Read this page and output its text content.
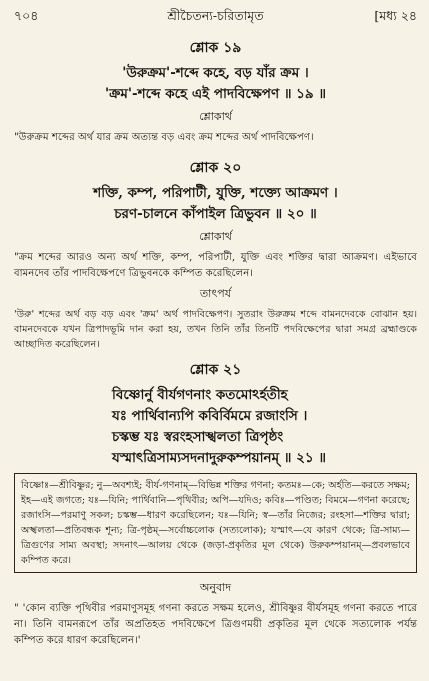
৭০৪	শ্রীচৈতন্য-চরিতামৃত	[মধ্য ২৪
শ্লোক ১৯
'উরুক্রম'-শব্দে কহে, বড় যাঁর ক্রম ।
'ক্রম'-শব্দে কহে এই পাদবিক্ষেপণ ॥ ১৯ ॥
শ্লোকার্থ
"উরুক্রম শব্দের অর্থ যার ক্রম অত্যন্ত বড় এবং ক্রম শব্দের অর্থ পাদবিক্ষেপণ।
শ্লোক ২০
শক্তি, কম্প, পরিপাটী, যুক্তি, শক্ত্যে আক্রমণ ।
চরণ-চালনে কাঁপাইল ত্রিভুবন ॥ ২০ ॥
শ্লোকার্থ
"ক্রম শব্দের আরও অন্য অর্থ শক্তি, কম্প, পরিপাটী, যুক্তি এবং শক্তির দ্বারা আক্রমণ। এইভাবে বামনদেব তাঁর পাদবিক্ষেপণে ত্রিভুবনকে কম্পিত করেছিলেন।
তাৎপর্য
'উরু' শব্দের অর্থ বড় বড় এবং 'ক্রম' অর্থ পাদবিক্ষেপণ। সুতরাং উরুক্রম শব্দে বামনদেবকে বোঝান হয়। বামনদেবকে যখন ত্রিপাদভূমি দান করা হয়, তখন তিনি তাঁর তিনটি পদবিক্ষেপের দ্বারা সমগ্র ব্রহ্মাণ্ডকে আচ্ছাদিত করেছিলেন।
শ্লোক ২১
বিষ্ণোর্নু বীর্যগণনাং কতমোঽর্হতীহ
যঃ পার্থিবান্যপি কবির্বিমমে রজাংসি ।
চস্কম্ভ যঃ স্বরংহসাস্খলতা ত্রিপৃষ্ঠং
যস্মাৎত্রিসাম্যসদনাদুরুকম্পয়ানম্ ॥ ২১ ॥
বিষ্ণোঃ—শ্রীবিষ্ণুর; নু—অবশ্যই; বীর্য-গণনাম্—বিভিন্ন শক্তির গণনা; কতমঃ—কে; অর্হতি—করতে সক্ষম; ইহ—এই জগতে; যঃ—যিনি; পার্থিবানি—পৃথিবীর; অপি—যদিও; কবিঃ—পণ্ডিত; বিমমে—গণনা করেছে; রজাংসি—পরমাণু সকল; চস্কম্ভ—ধারণ করেছিলেন; যঃ—যিনি; স্ব—তাঁর নিজের; রংহসা—শক্তির দ্বারা; অস্খলতা—প্রতিবন্ধক শূন্য; ত্রি-পৃষ্ঠম্—সর্বোচ্চলোক (সত্যলোক); যস্মাৎ—যে কারণ থেকে; ত্রি-সাম্য—ত্রিগুণের সাম্য অবস্থা; সদনাৎ—আলয় থেকে (জড়া-প্রকৃতির মূল থেকে) উরুকম্পয়ানম্—প্রবলভাবে কম্পিত করে।
অনুবাদ
" 'কোন ব্যক্তি পৃথিবীর পরমাণুসমূহ গণনা করতে সক্ষম হলেও, শ্রীবিষ্ণুর বীর্যসমূহ গণনা করতে পারে না। তিনি বামনরূপে তাঁর অপ্রতিহত পদবিক্ষেপে ত্রিগুণময়ী প্রকৃতির মূল থেকে সত্যলোক পর্যন্ত কম্পিত করে ধারণ করেছিলেন।'
